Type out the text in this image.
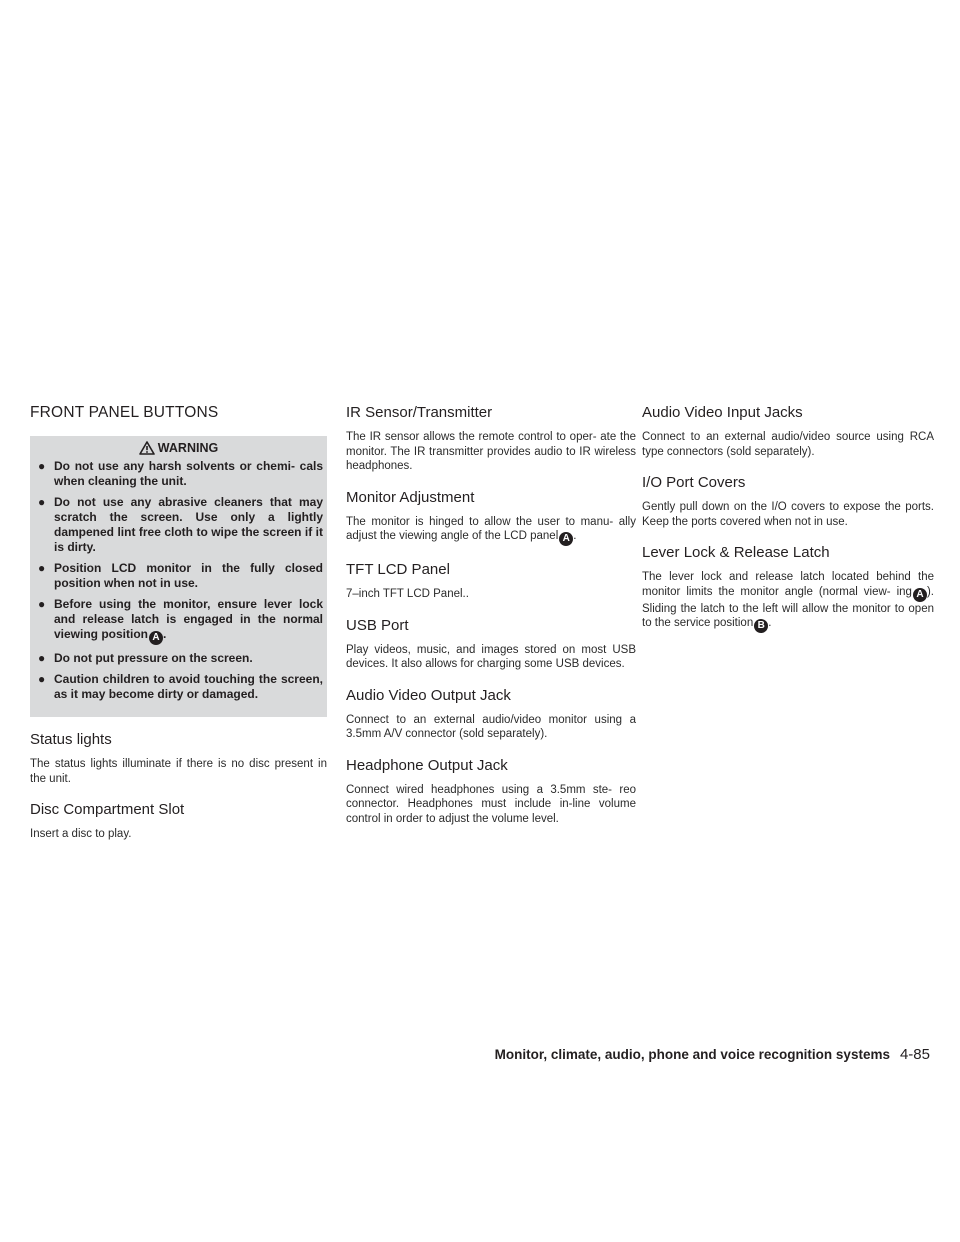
FRONT PANEL BUTTONS
WARNING
● Do not use any harsh solvents or chemi- cals when cleaning the unit.
● Do not use any abrasive cleaners that may scratch the screen. Use only a lightly dampened lint free cloth to wipe the screen if it is dirty.
● Position LCD monitor in the fully closed position when not in use.
● Before using the monitor, ensure lever lock and release latch is engaged in the normal viewing position A .
● Do not put pressure on the screen.
● Caution children to avoid touching the screen, as it may become dirty or damaged.
Status lights

The status lights illuminate if there is no disc present in the unit.

Disc Compartment Slot

Insert a disc to play.

IR Sensor/Transmitter

The IR sensor allows the remote control to oper- ate the monitor. The IR transmitter provides audio to IR wireless headphones.

Monitor Adjustment

The monitor is hinged to allow the user to manu- ally adjust the viewing angle of the LCD panel A .

TFT LCD Panel

7–inch TFT LCD Panel..

USB Port

Play videos, music, and images stored on most USB devices. It also allows for charging some USB devices.

Audio Video Output Jack

Connect to an external audio/video monitor using a 3.5mm A/V connector (sold separately).

Headphone Output Jack

Connect wired headphones using a 3.5mm ste- reo connector. Headphones must include in-line volume control in order to adjust the volume level.

Audio Video Input Jacks

Connect to an external audio/video source using RCA type connectors (sold separately).

I/O Port Covers

Gently pull down on the I/O covers to expose the ports. Keep the ports covered when not in use.

Lever Lock & Release Latch

The lever lock and release latch located behind the monitor limits the monitor angle (normal view- ing A ). Sliding the latch to the left will allow the monitor to open to the service position B .

Monitor, climate, audio, phone and voice recognition systems 4-85
